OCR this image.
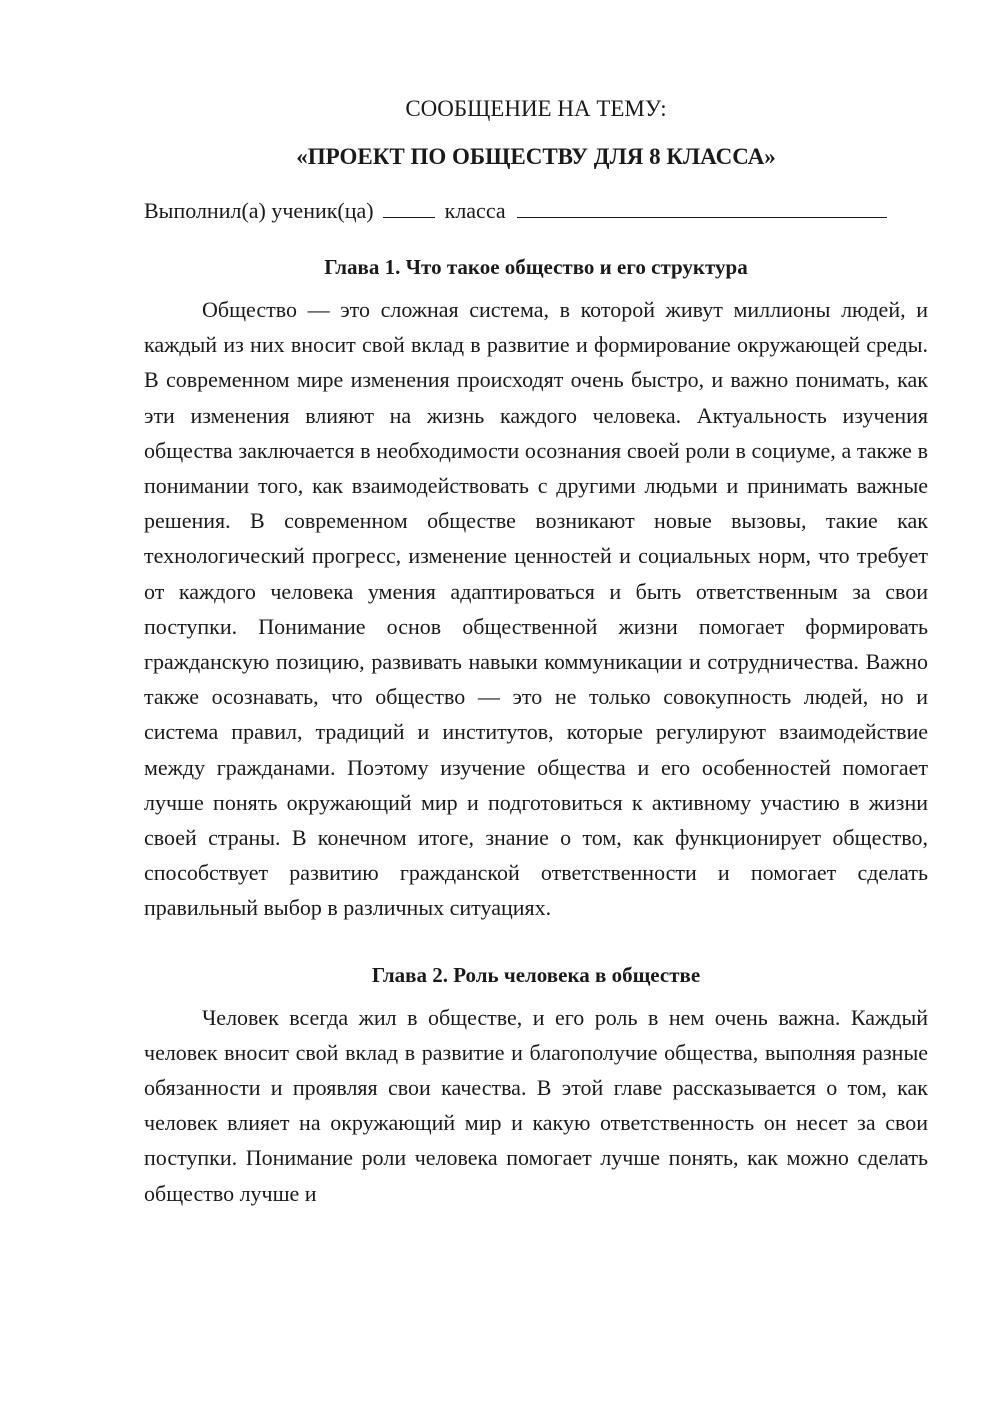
СООБЩЕНИЕ НА ТЕМУ:

«ПРОЕКТ ПО ОБЩЕСТВУ ДЛЯ 8 КЛАССА»

Выполнил(а) ученик(ца)	класса
Глава 1. Что такое общество и его структура

Общество — это сложная система, в которой живут миллионы людей, и каждый из них вносит свой вклад в развитие и формирование окружающей среды. В современном мире изменения происходят очень быстро, и важно понимать, как эти изменения влияют на жизнь каждого человека. Актуальность изучения общества заключается в необходимости осознания своей роли в социуме, а также в понимании того, как взаимодействовать с другими людьми и принимать важные решения. В современном обществе возникают новые вызовы, такие как технологический прогресс, изменение ценностей и социальных норм, что требует от каждого человека умения адаптироваться и быть ответственным за свои поступки. Понимание основ общественной жизни помогает формировать гражданскую позицию, развивать навыки коммуникации и сотрудничества. Важно также осознавать, что общество — это не только совокупность людей, но и система правил, традиций и институтов, которые регулируют взаимодействие между гражданами. Поэтому изучение общества и его особенностей помогает лучше понять окружающий мир и подготовиться к активному участию в жизни своей страны. В конечном итоге, знание о том, как функционирует общество, способствует развитию гражданской ответственности и помогает сделать правильный выбор в различных ситуациях.

Глава 2. Роль человека в обществе

Человек всегда жил в обществе, и его роль в нем очень важна. Каждый человек вносит свой вклад в развитие и благополучие общества, выполняя разные обязанности и проявляя свои качества. В этой главе рассказывается о том, как человек влияет на окружающий мир и какую ответственность он несет за свои поступки. Понимание роли человека помогает лучше понять, как можно сделать общество лучше и
